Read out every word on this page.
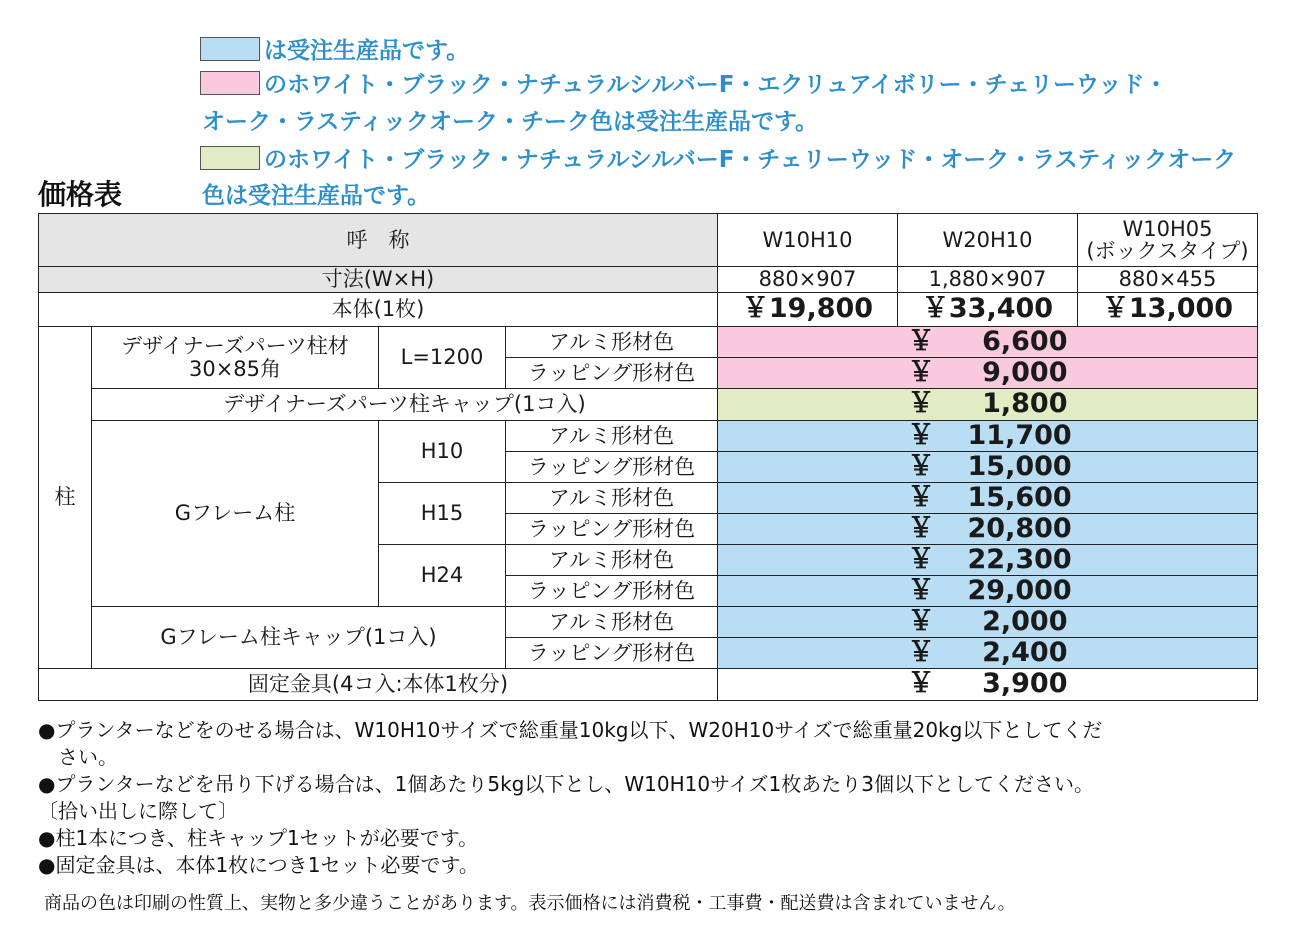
は受注生産品です。
のホワイト・ブラック・ナチュラルシルバーF・エクリュアイボリー・チェリーウッド・
オーク・ラスティックオーク・チーク色は受注生産品です。
のホワイト・ブラック・ナチュラルシルバーF・チェリーウッド・オーク・ラスティックオーク
色は受注生産品です。
価格表
呼　称				W10H10	W20H10	W10H05
(ボックスタイプ)
寸法(W×H)				880×907	1,880×907	880×455
本体(1枚)				￥19,800	￥33,400	￥13,000
柱	デザイナーズパーツ柱材
30×85角	L=1200	アルミ形材色	￥ 6,600		
			ラッピング形材色	￥ 9,000		
	デザイナーズパーツ柱キャップ(1コ入)			￥ 1,800		
	Gフレーム柱	H10	アルミ形材色	￥ 11,700		
			ラッピング形材色	￥ 15,000		
		H15	アルミ形材色	￥ 15,600		
			ラッピング形材色	￥ 20,800		
		H24	アルミ形材色	￥ 22,300		
			ラッピング形材色	￥ 29,000		
	Gフレーム柱キャップ(1コ入)		アルミ形材色	￥ 2,000		
			ラッピング形材色	￥ 2,400		
固定金具(4コ入:本体1枚分)				￥ 3,900		
●プランターなどをのせる場合は、W10H10サイズで総重量10kg以下、W20H10サイズで総重量20kg以下としてくだ
　さい。
●プランターなどを吊り下げる場合は、1個あたり5kg以下とし、W10H10サイズ1枚あたり3個以下としてください。
〔拾い出しに際して〕
●柱1本につき、柱キャップ1セットが必要です。
●固定金具は、本体1枚につき1セット必要です。
商品の色は印刷の性質上、実物と多少違うことがあります。表示価格には消費税・工事費・配送費は含まれていません。
